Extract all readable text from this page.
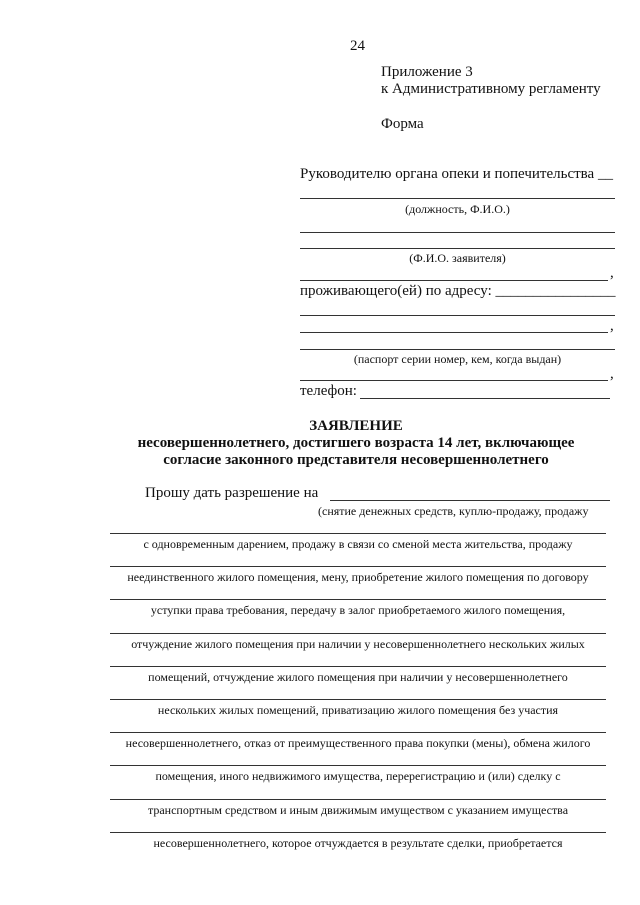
24
Приложение 3
к Административному регламенту
Форма
Руководителю органа опеки и попечительства __
(должность, Ф.И.О.)
(Ф.И.О. заявителя)
,
проживающего(ей) по адресу: ________________
,
(паспорт серии номер, кем, когда выдан)
,
телефон:
ЗАЯВЛЕНИЕ
несовершеннолетнего, достигшего возраста 14 лет, включающее
согласие законного представителя несовершеннолетнего
Прошу дать разрешение на
(снятие денежных средств, куплю-продажу, продажу
с одновременным дарением, продажу в связи со сменой места жительства, продажу
неединственного жилого помещения, мену, приобретение жилого помещения по договору
уступки права требования, передачу в залог приобретаемого жилого помещения,
отчуждение жилого помещения при наличии у несовершеннолетнего нескольких жилых
помещений, отчуждение жилого помещения при наличии у несовершеннолетнего
нескольких жилых помещений, приватизацию жилого помещения без участия
несовершеннолетнего, отказ от преимущественного права покупки (мены), обмена жилого
помещения, иного недвижимого имущества, перерегистрацию и (или) сделку с
транспортным средством и иным движимым имуществом с указанием имущества
несовершеннолетнего, которое отчуждается в результате сделки, приобретается
